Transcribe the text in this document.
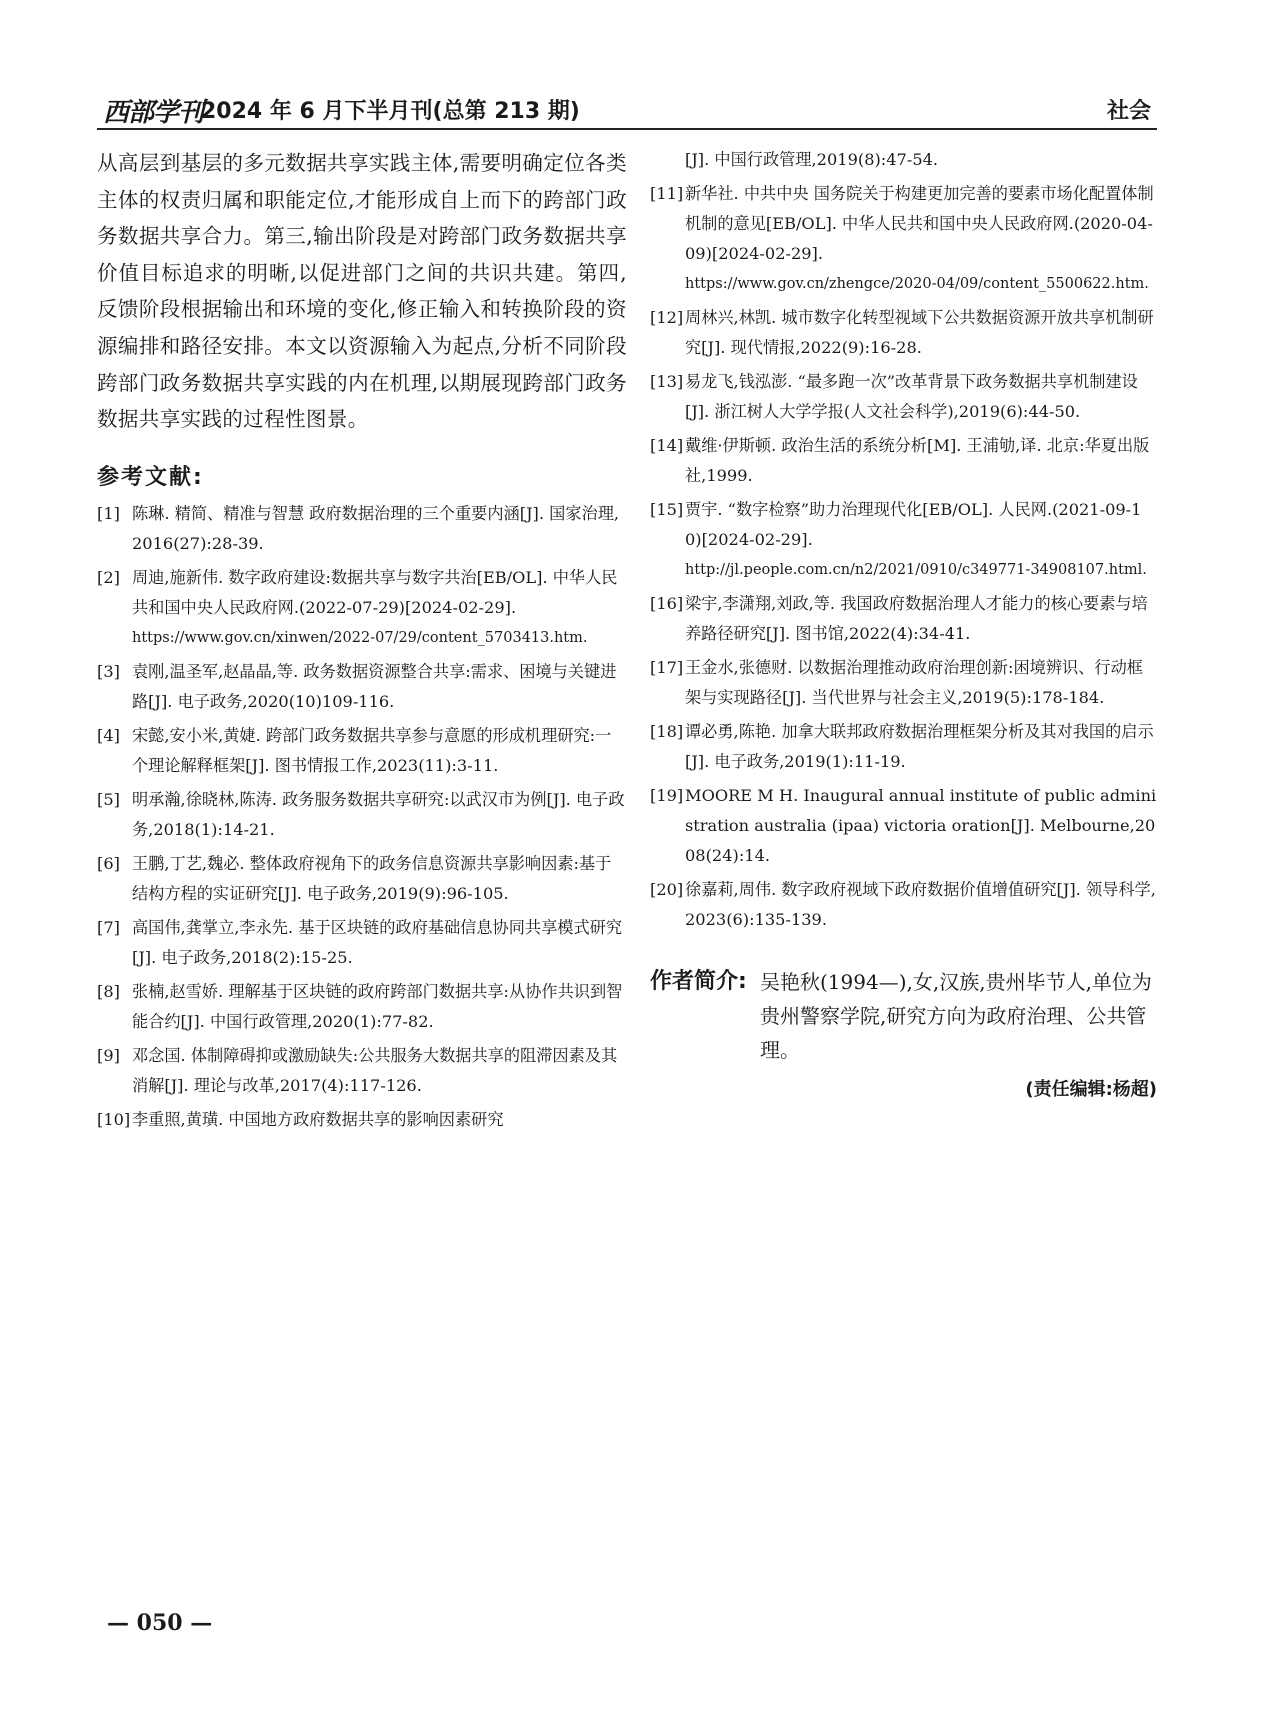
西部学刊
2024 年 6 月下半月刊(总第 213 期)	社会

从高层到基层的多元数据共享实践主体,需要明确定位各类主体的权责归属和职能定位,才能形成自上而下的跨部门政务数据共享合力。第三,输出阶段是对跨部门政务数据共享价值目标追求的明晰,以促进部门之间的共识共建。第四,反馈阶段根据输出和环境的变化,修正输入和转换阶段的资源编排和路径安排。本文以资源输入为起点,分析不同阶段跨部门政务数据共享实践的内在机理,以期展现跨部门政务数据共享实践的过程性图景。

参考文献:

[1] 陈琳. 精简、精准与智慧 政府数据治理的三个重要内涵[J]. 国家治理,2016(27):28-39.

[2] 周迪,施新伟. 数字政府建设:数据共享与数字共治[EB/OL]. 中华人民共和国中央人民政府网.(2022-07-29)[2024-02-29].
https://www.gov.cn/xinwen/2022-07/29/content_5703413.htm.

[3] 袁刚,温圣军,赵晶晶,等. 政务数据资源整合共享:需求、困境与关键进路[J]. 电子政务,2020(10)109-116.

[4] 宋懿,安小米,黄婕. 跨部门政务数据共享参与意愿的形成机理研究:一个理论解释框架[J]. 图书情报工作,2023(11):3-11.

[5] 明承瀚,徐晓林,陈涛. 政务服务数据共享研究:以武汉市为例[J]. 电子政务,2018(1):14-21.

[6] 王鹏,丁艺,魏必. 整体政府视角下的政务信息资源共享影响因素:基于结构方程的实证研究[J]. 电子政务,2019(9):96-105.

[7] 高国伟,龚掌立,李永先. 基于区块链的政府基础信息协同共享模式研究[J]. 电子政务,2018(2):15-25.

[8] 张楠,赵雪娇. 理解基于区块链的政府跨部门数据共享:从协作共识到智能合约[J]. 中国行政管理,2020(1):77-82.

[9] 邓念国. 体制障碍抑或激励缺失:公共服务大数据共享的阻滞因素及其消解[J]. 理论与改革,2017(4):117-126.

[10] 李重照,黄璜. 中国地方政府数据共享的影响因素研究

[J]. 中国行政管理,2019(8):47-54.

[11] 新华社. 中共中央 国务院关于构建更加完善的要素市场化配置体制机制的意见[EB/OL]. 中华人民共和国中央人民政府网.(2020-04-09)[2024-02-29].
https://www.gov.cn/zhengce/2020-04/09/content_5500622.htm.

[12] 周林兴,林凯. 城市数字化转型视域下公共数据资源开放共享机制研究[J]. 现代情报,2022(9):16-28.

[13] 易龙飞,钱泓澎. “最多跑一次”改革背景下政务数据共享机制建设[J]. 浙江树人大学学报(人文社会科学),2019(6):44-50.

[14] 戴维·伊斯顿. 政治生活的系统分析[M]. 王浦劬,译. 北京:华夏出版社,1999.

[15] 贾宇. “数字检察”助力治理现代化[EB/OL]. 人民网.(2021-09-10)[2024-02-29].
http://jl.people.com.cn/n2/2021/0910/c349771-34908107.html.

[16] 梁宇,李潇翔,刘政,等. 我国政府数据治理人才能力的核心要素与培养路径研究[J]. 图书馆,2022(4):34-41.

[17] 王金水,张德财. 以数据治理推动政府治理创新:困境辨识、行动框架与实现路径[J]. 当代世界与社会主义,2019(5):178-184.

[18] 谭必勇,陈艳. 加拿大联邦政府数据治理框架分析及其对我国的启示[J]. 电子政务,2019(1):11-19.

[19] MOORE M H. Inaugural annual institute of public administration australia (ipaa) victoria oration[J]. Melbourne,2008(24):14.

[20] 徐嘉莉,周伟. 数字政府视域下政府数据价值增值研究[J]. 领导科学,2023(6):135-139.

作者简介: 吴艳秋(1994—),女,汉族,贵州毕节人,单位为贵州警察学院,研究方向为政府治理、公共管理。
(责任编辑:杨超)
— 050 —
